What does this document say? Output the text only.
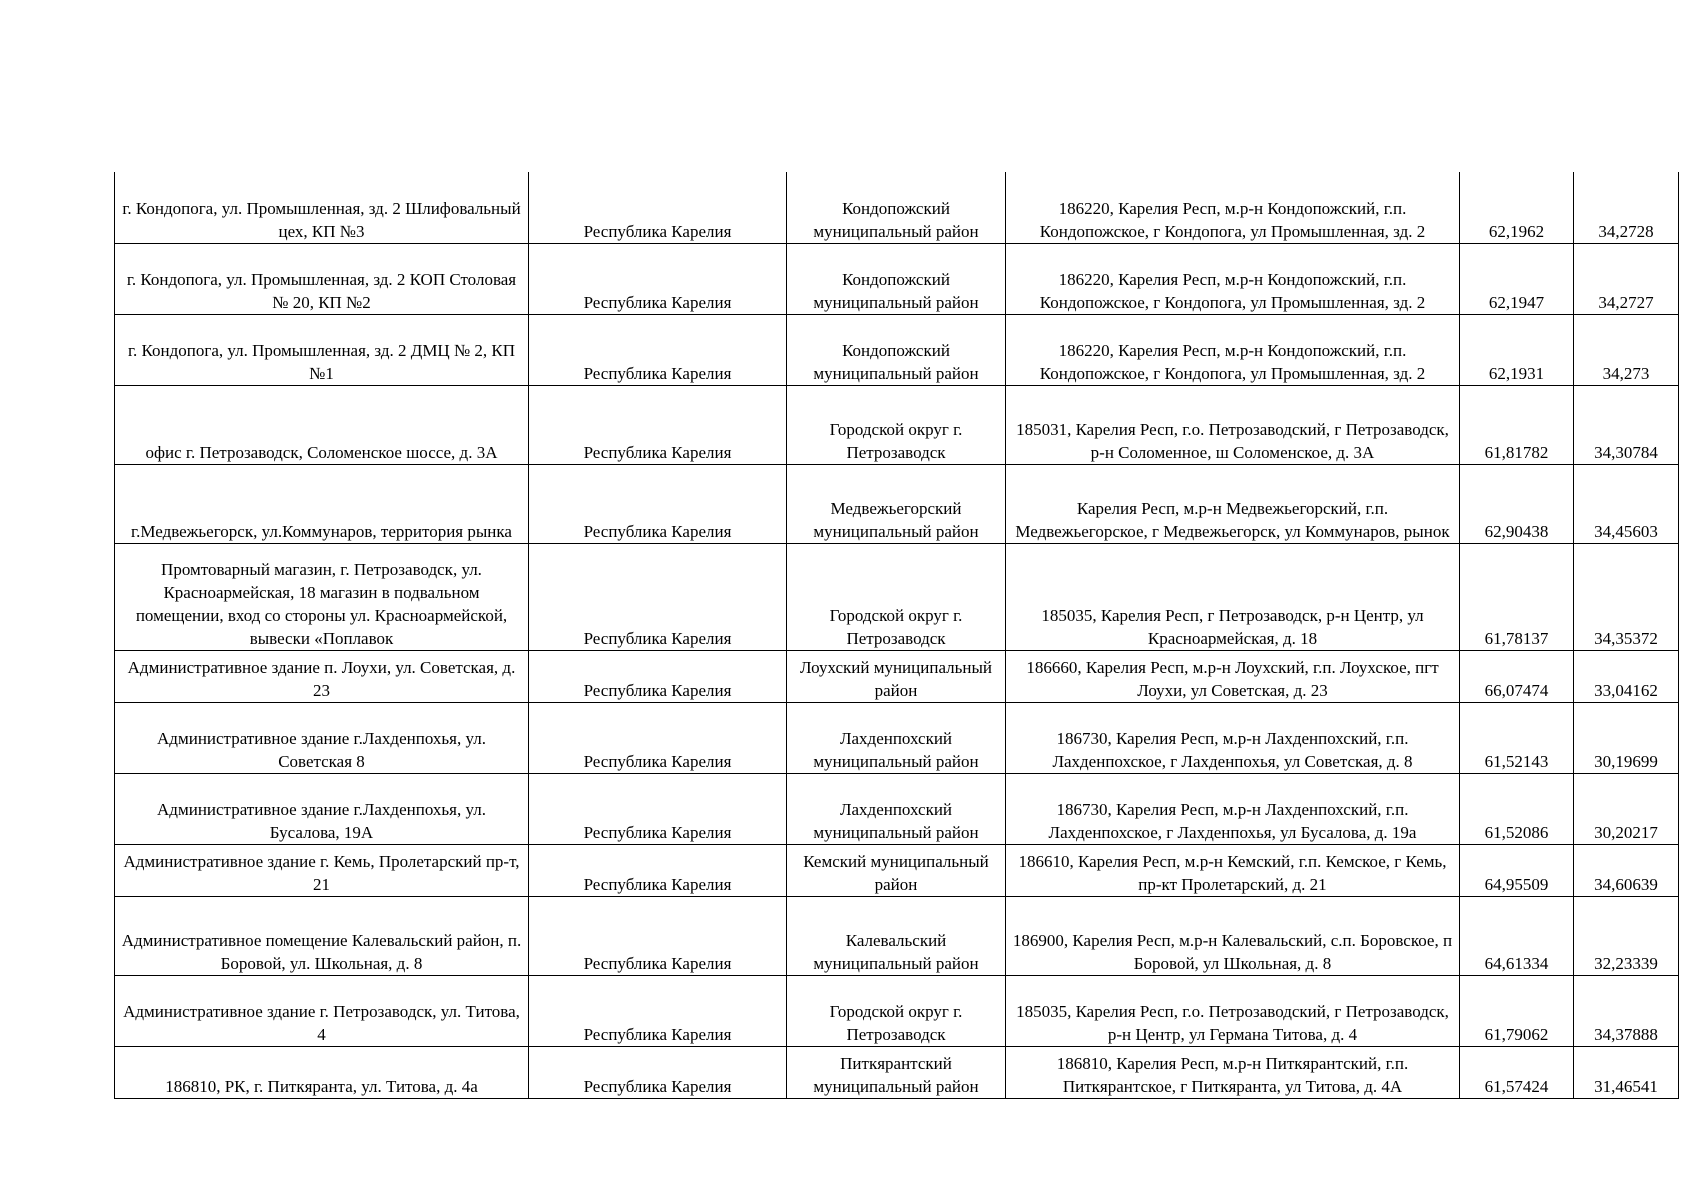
г. Кондопога, ул. Промышленная, зд. 2 Шлифовальный цех, КП №3	Республика Карелия	Кондопожский муниципальный район	186220, Карелия Респ, м.р-н Кондопожский, г.п. Кондопожское, г Кондопога, ул Промышленная, зд. 2	62,1962	34,2728
г. Кондопога, ул. Промышленная, зд. 2 КОП Столовая № 20, КП №2	Республика Карелия	Кондопожский муниципальный район	186220, Карелия Респ, м.р-н Кондопожский, г.п. Кондопожское, г Кондопога, ул Промышленная, зд. 2	62,1947	34,2727
г. Кондопога, ул. Промышленная, зд. 2 ДМЦ № 2, КП №1	Республика Карелия	Кондопожский муниципальный район	186220, Карелия Респ, м.р-н Кондопожский, г.п. Кондопожское, г Кондопога, ул Промышленная, зд. 2	62,1931	34,273
офис г. Петрозаводск, Соломенское шоссе, д. 3А	Республика Карелия	Городской округ г. Петрозаводск	185031, Карелия Респ, г.о. Петрозаводский, г Петрозаводск, р-н Соломенное, ш Соломенское, д. 3А	61,81782	34,30784
г.Медвежьегорск, ул.Коммунаров, территория рынка	Республика Карелия	Медвежьегорский муниципальный район	Карелия Респ, м.р-н Медвежьегорский, г.п. Медвежьегорское, г Медвежьегорск, ул Коммунаров, рынок	62,90438	34,45603
Промтоварный магазин, г. Петрозаводск, ул. Красноармейская, 18 магазин в подвальном помещении, вход со стороны ул. Красноармейской, вывески «Поплавок	Республика Карелия	Городской округ г. Петрозаводск	185035, Карелия Респ, г Петрозаводск, р-н Центр, ул Красноармейская, д. 18	61,78137	34,35372
Административное здание п. Лоухи, ул. Советская, д. 23	Республика Карелия	Лоухский муниципальный район	186660, Карелия Респ, м.р-н Лоухский, г.п. Лоухское, пгт Лоухи, ул Советская, д. 23	66,07474	33,04162
Административное здание г.Лахденпохья, ул. Советская 8	Республика Карелия	Лахденпохский муниципальный район	186730, Карелия Респ, м.р-н Лахденпохский, г.п. Лахденпохское, г Лахденпохья, ул Советская, д. 8	61,52143	30,19699
Административное здание г.Лахденпохья, ул. Бусалова, 19А	Республика Карелия	Лахденпохский муниципальный район	186730, Карелия Респ, м.р-н Лахденпохский, г.п. Лахденпохское, г Лахденпохья, ул Бусалова, д. 19а	61,52086	30,20217
Административное здание г. Кемь, Пролетарский пр-т, 21	Республика Карелия	Кемский муниципальный район	186610, Карелия Респ, м.р-н Кемский, г.п. Кемское, г Кемь, пр-кт Пролетарский, д. 21	64,95509	34,60639
Административное помещение Калевальский район, п. Боровой, ул. Школьная, д. 8	Республика Карелия	Калевальский муниципальный район	186900, Карелия Респ, м.р-н Калевальский, с.п. Боровское, п Боровой, ул Школьная, д. 8	64,61334	32,23339
Административное здание г. Петрозаводск, ул. Титова, 4	Республика Карелия	Городской округ г. Петрозаводск	185035, Карелия Респ, г.о. Петрозаводский, г Петрозаводск, р-н Центр, ул Германа Титова, д. 4	61,79062	34,37888
186810, РК, г. Питкяранта, ул. Титова, д. 4а	Республика Карелия	Питкярантский муниципальный район	186810, Карелия Респ, м.р-н Питкярантский, г.п. Питкярантское, г Питкяранта, ул Титова, д. 4А	61,57424	31,46541
